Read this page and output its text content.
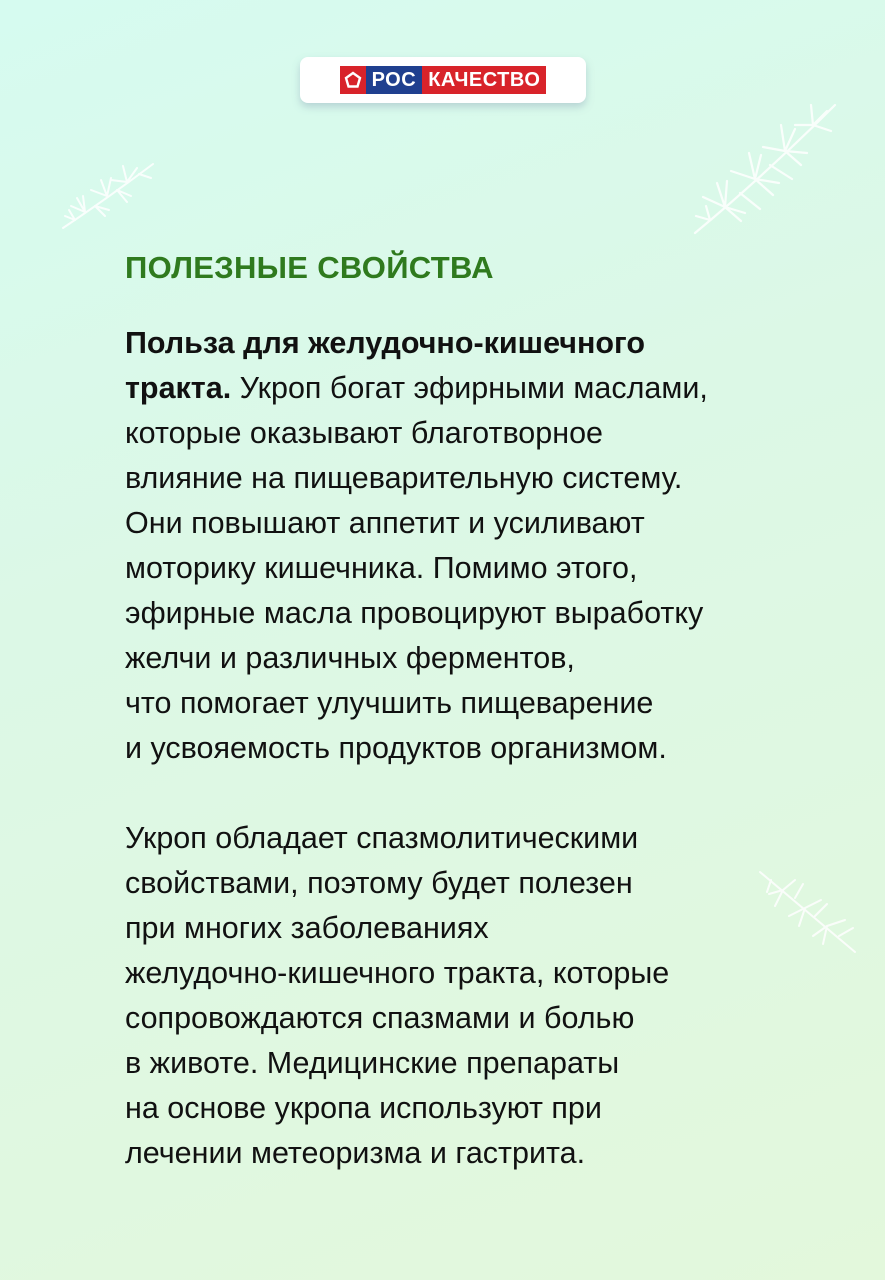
РОС КАЧЕСТВО
ПОЛЕЗНЫЕ СВОЙСТВА

Польза для желудочно-кишечного
тракта. Укроп богат эфирными маслами,
которые оказывают благотворное
влияние на пищеварительную систему.
Они повышают аппетит и усиливают
моторику кишечника. Помимо этого,
эфирные масла провоцируют выработку
желчи и различных ферментов,
что помогает улучшить пищеварение
и усвояемость продуктов организмом.

Укроп обладает спазмолитическими
свойствами, поэтому будет полезен
при многих заболеваниях
желудочно-кишечного тракта, которые
сопровождаются спазмами и болью
в животе. Медицинские препараты
на основе укропа используют при
лечении метеоризма и гастрита.
